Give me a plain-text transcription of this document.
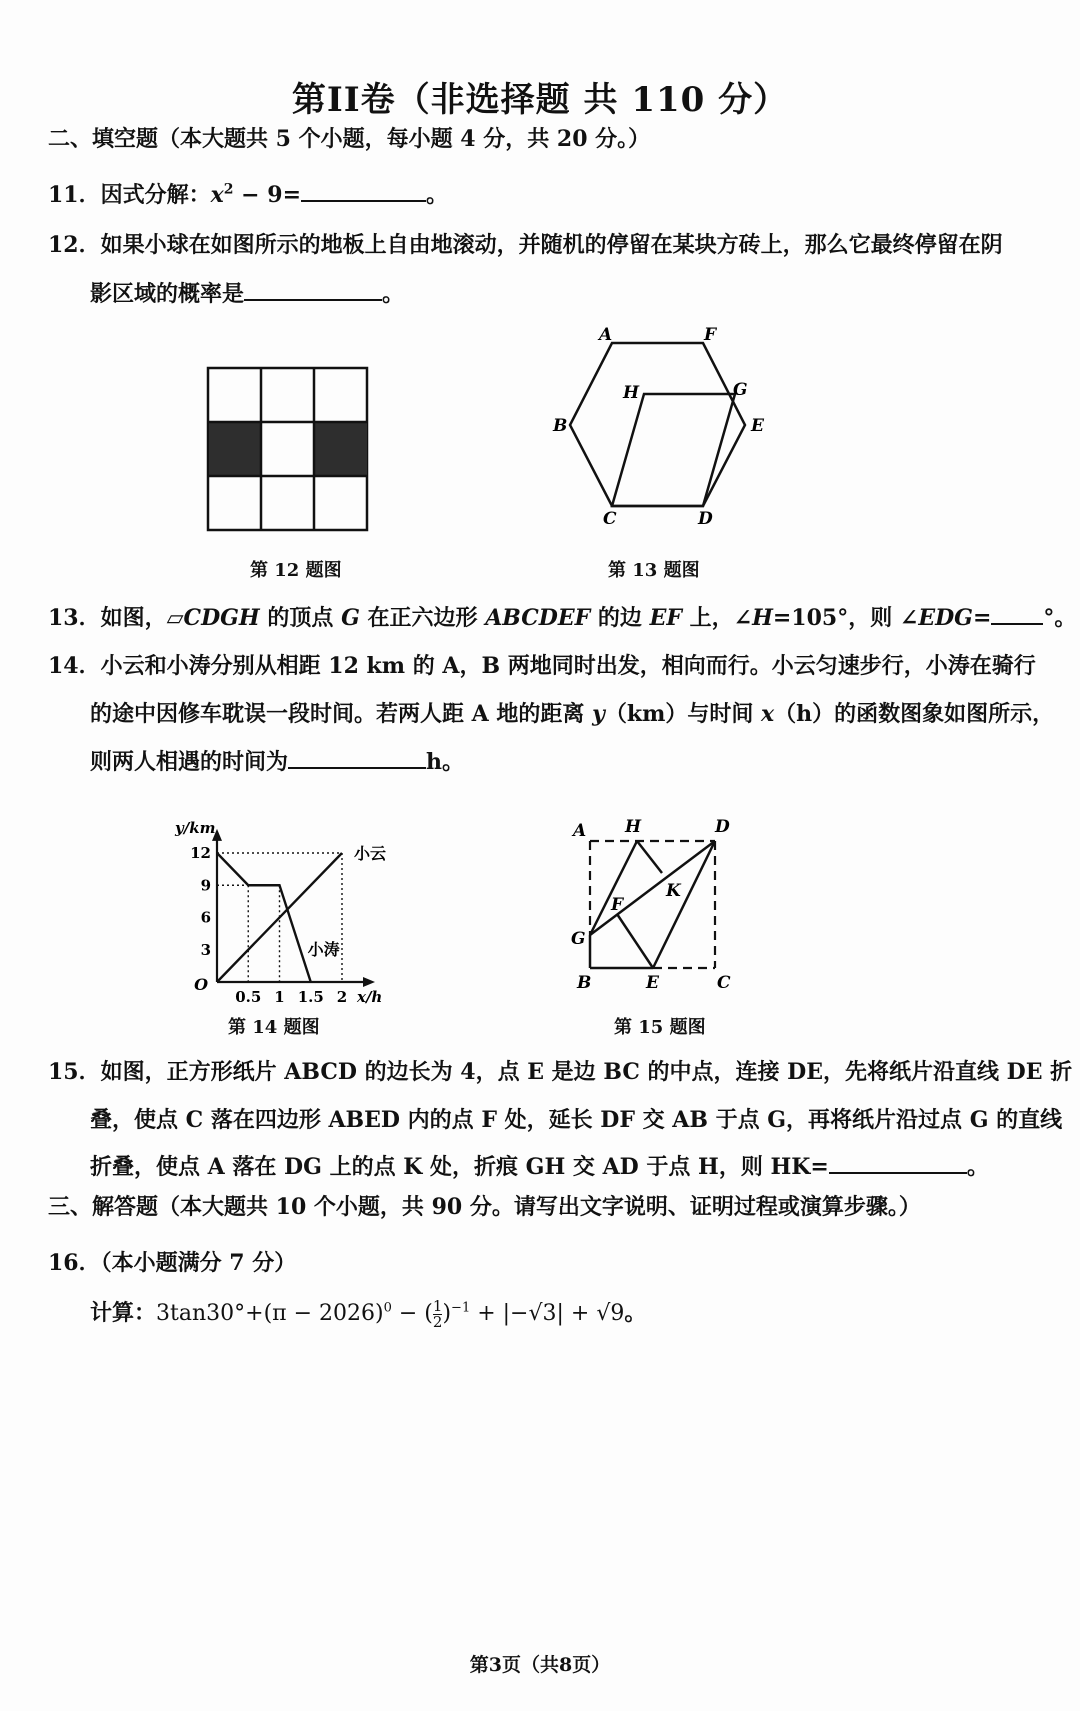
第II卷（非选择题 共 110 分）
二、填空题（本大题共 5 个小题，每小题 4 分，共 20 分。）
11．因式分解：$x^2 - 9=$	。
12．如果小球在如图所示的地板上自由地滚动，并随机的停留在某块方砖上，那么它最终停留在阴
影区域的概率是	。
第 12 题图
A	F
H	G
B	E
C	D
第 13 题图
13．如图，▱CDGH 的顶点 G 在正六边形 ABCDEF 的边 EF 上，∠H=105°，则 ∠EDG= °。
14．小云和小涛分别从相距 12 km 的 A，B 两地同时出发，相向而行。小云匀速步行，小涛在骑行
的途中因修车耽误一段时间。若两人距 A 地的距离 y（km）与时间 x（h）的函数图象如图所示，
则两人相遇的时间为	h。
小云
小涛
0.5 1 1.5 2
3
6
9
12
O
x/h
y/km
第 14 题图
A H	D
F
K
G
B	E	C
第 15 题图
15．如图，正方形纸片 ABCD 的边长为 4，点 E 是边 BC 的中点，连接 DE，先将纸片沿直线 DE 折
叠，使点 C 落在四边形 ABED 内的点 F 处，延长 DF 交 AB 于点 G，再将纸片沿过点 G 的直线
折叠，使点 A 落在 DG 上的点 K 处，折痕 GH 交 AD 于点 H，则 HK=	。
三、解答题（本大题共 10 个小题，共 90 分。请写出文字说明、证明过程或演算步骤。）
16．（本小题满分 7 分）
计算：$3\tan 30^\circ+(\pi - 2026)^0$ − ( $\frac{1}{2} )^{-1} + |-√3| + √9$。
第3页（共8页）
